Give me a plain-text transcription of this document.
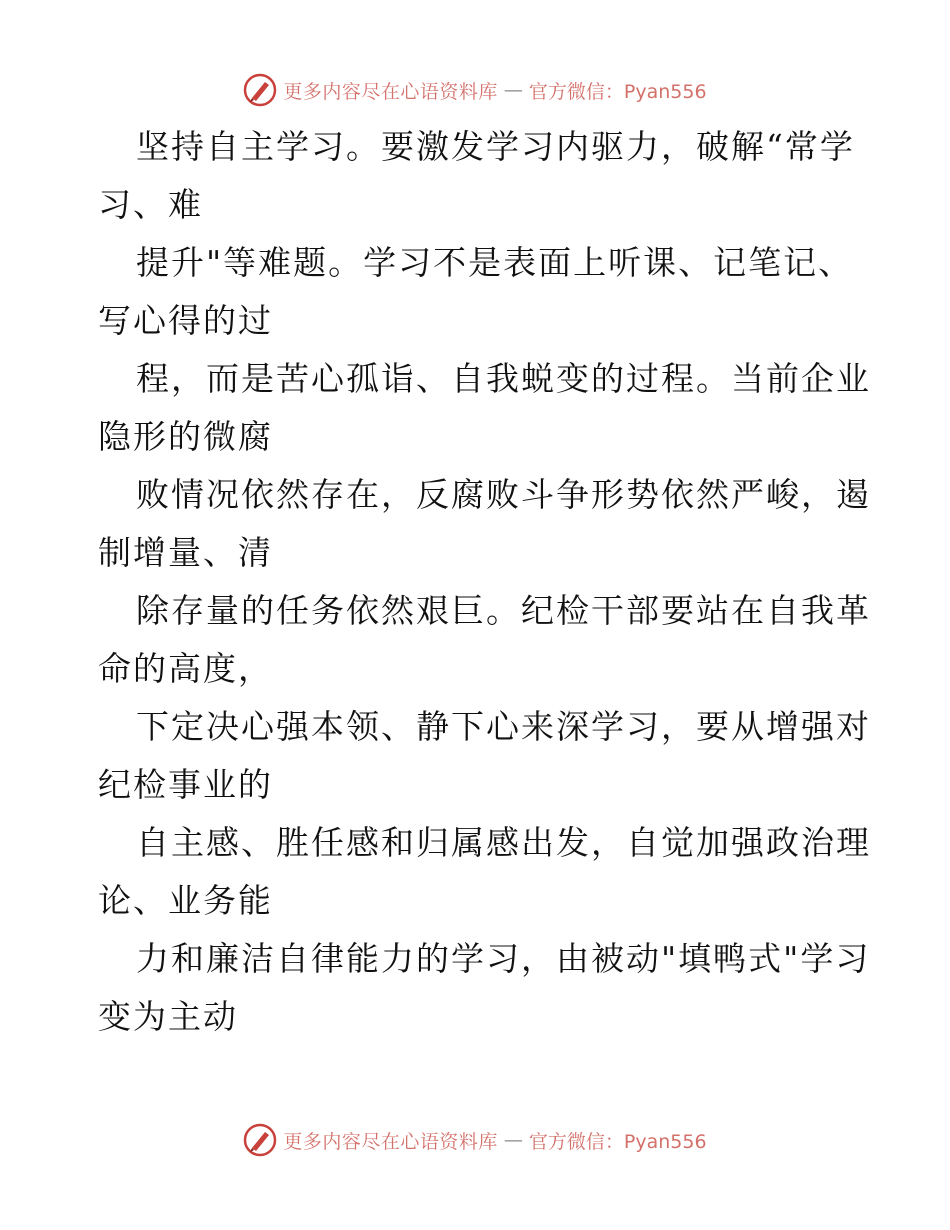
更多内容尽在心语资料库 — 官方微信：Pyan556
坚持自主学习。要激发学习内驱力，破解“常学
习、难
提升"等难题。学习不是表面上听课、记笔记、
写心得的过
程，而是苦心孤诣、自我蜕变的过程。当前企业
隐形的微腐
败情况依然存在，反腐败斗争形势依然严峻，遏
制增量、清
除存量的任务依然艰巨。纪检干部要站在自我革
命的高度，
下定决心强本领、静下心来深学习，要从增强对
纪检事业的
自主感、胜任感和归属感出发，自觉加强政治理
论、业务能
力和廉洁自律能力的学习，由被动"填鸭式"学习
变为主动
更多内容尽在心语资料库 — 官方微信：Pyan556
